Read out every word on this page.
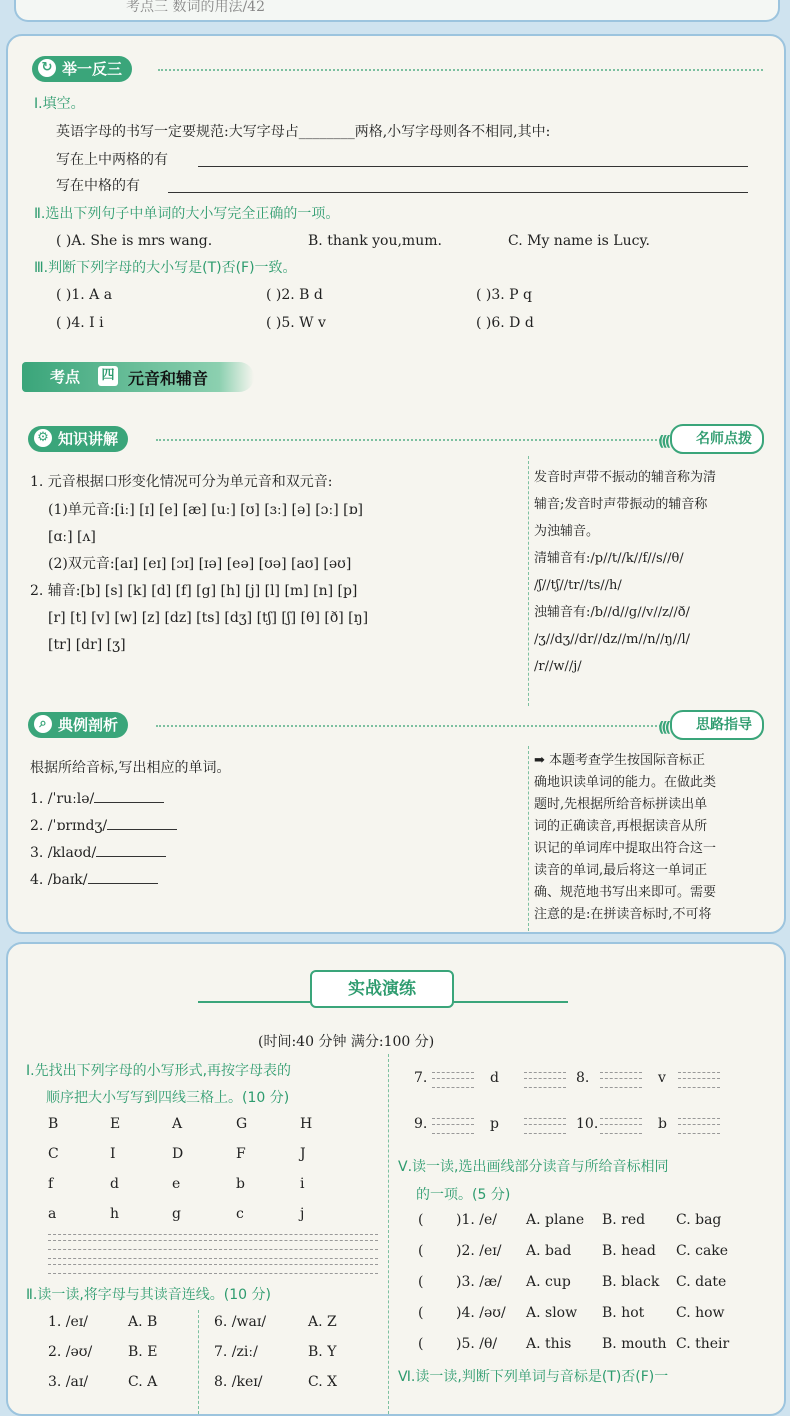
考点三 数词的用法/42
↻ 举一反三
Ⅰ.填空。
英语字母的书写一定要规范:大写字母占________两格,小写字母则各不相同,其中:
写在上中两格的有
写在中格的有
Ⅱ.选出下列句子中单词的大小写完全正确的一项。
( )A. She is mrs wang.	B. thank you,mum.	C. My name is Lucy.
Ⅲ.判断下列字母的大小写是(T)否(F)一致。
( )1. A a	( )2. B d	( )3. P q
( )4. I i	( )5. W v	( )6. D d
考点 四 元音和辅音
⚙ 知识讲解	((( 名师点拨
1. 元音根据口形变化情况可分为单元音和双元音:
(1)单元音:[iː] [ɪ] [e] [æ] [uː] [ʊ] [ɜː] [ə] [ɔː] [ɒ]
[ɑː] [ʌ]
(2)双元音:[aɪ] [eɪ] [ɔɪ] [ɪə] [eə] [ʊə] [aʊ] [əʊ]
2. 辅音:[b] [s] [k] [d] [f] [g] [h] [j] [l] [m] [n] [p]
[r] [t] [v] [w] [z] [dz] [ts] [dʒ] [tʃ] [ʃ] [θ] [ð] [ŋ]
[tr] [dr] [ʒ]
发音时声带不振动的辅音称为清
辅音;发音时声带振动的辅音称
为浊辅音。
清辅音有:/p//t//k//f//s//θ/
/ʃ//tʃ//tr//ts//h/
浊辅音有:/b//d//g//v//z//ð/
/ʒ//dʒ//dr//dz//m//n//ŋ//l/
/r//w//j/
⌕ 典例剖析	((( 思路指导
根据所给音标,写出相应的单词。
1. /ˈruːlə/
2. /ˈɒrɪndʒ/
3. /klaʊd/
4. /baɪk/
➡ 本题考查学生按国际音标正
确地识读单词的能力。在做此类
题时,先根据所给音标拼读出单
词的正确读音,再根据读音从所
识记的单词库中提取出符合这一
读音的单词,最后将这一单词正
确、规范地书写出来即可。需要
注意的是:在拼读音标时,不可将
实战演练
(时间:40 分钟 满分:100 分)
Ⅰ.先找出下列字母的小写形式,再按字母表的
顺序把大小写写到四线三格上。(10 分)
Ⅱ.读一读,将字母与其读音连线。(10 分)
Ⅴ.读一读,选出画线部分读音与所给音标相同
的一项。(5 分)
Ⅵ.读一读,判断下列单词与音标是(T)否(F)一
B	E	A	G	H
C	I	D	F	J
f	d	e	b	i
a	h	g	c	j
7.	d	8.	v
9.	p	10.	b
1. /eɪ/	A. B	6. /waɪ/	A. Z
2. /əʊ/	B. E	7. /ziː/	B. Y
3. /aɪ/	C. A	8. /keɪ/	C. X
( )1. /e/ A. plane B. red C. bag
( )2. /eɪ/ A. bad B. head C. cake
( )3. /æ/ A. cup B. black C. date
( )4. /əʊ/ A. slow B. hot C. how
( )5. /θ/ A. this B. mouth C. their
